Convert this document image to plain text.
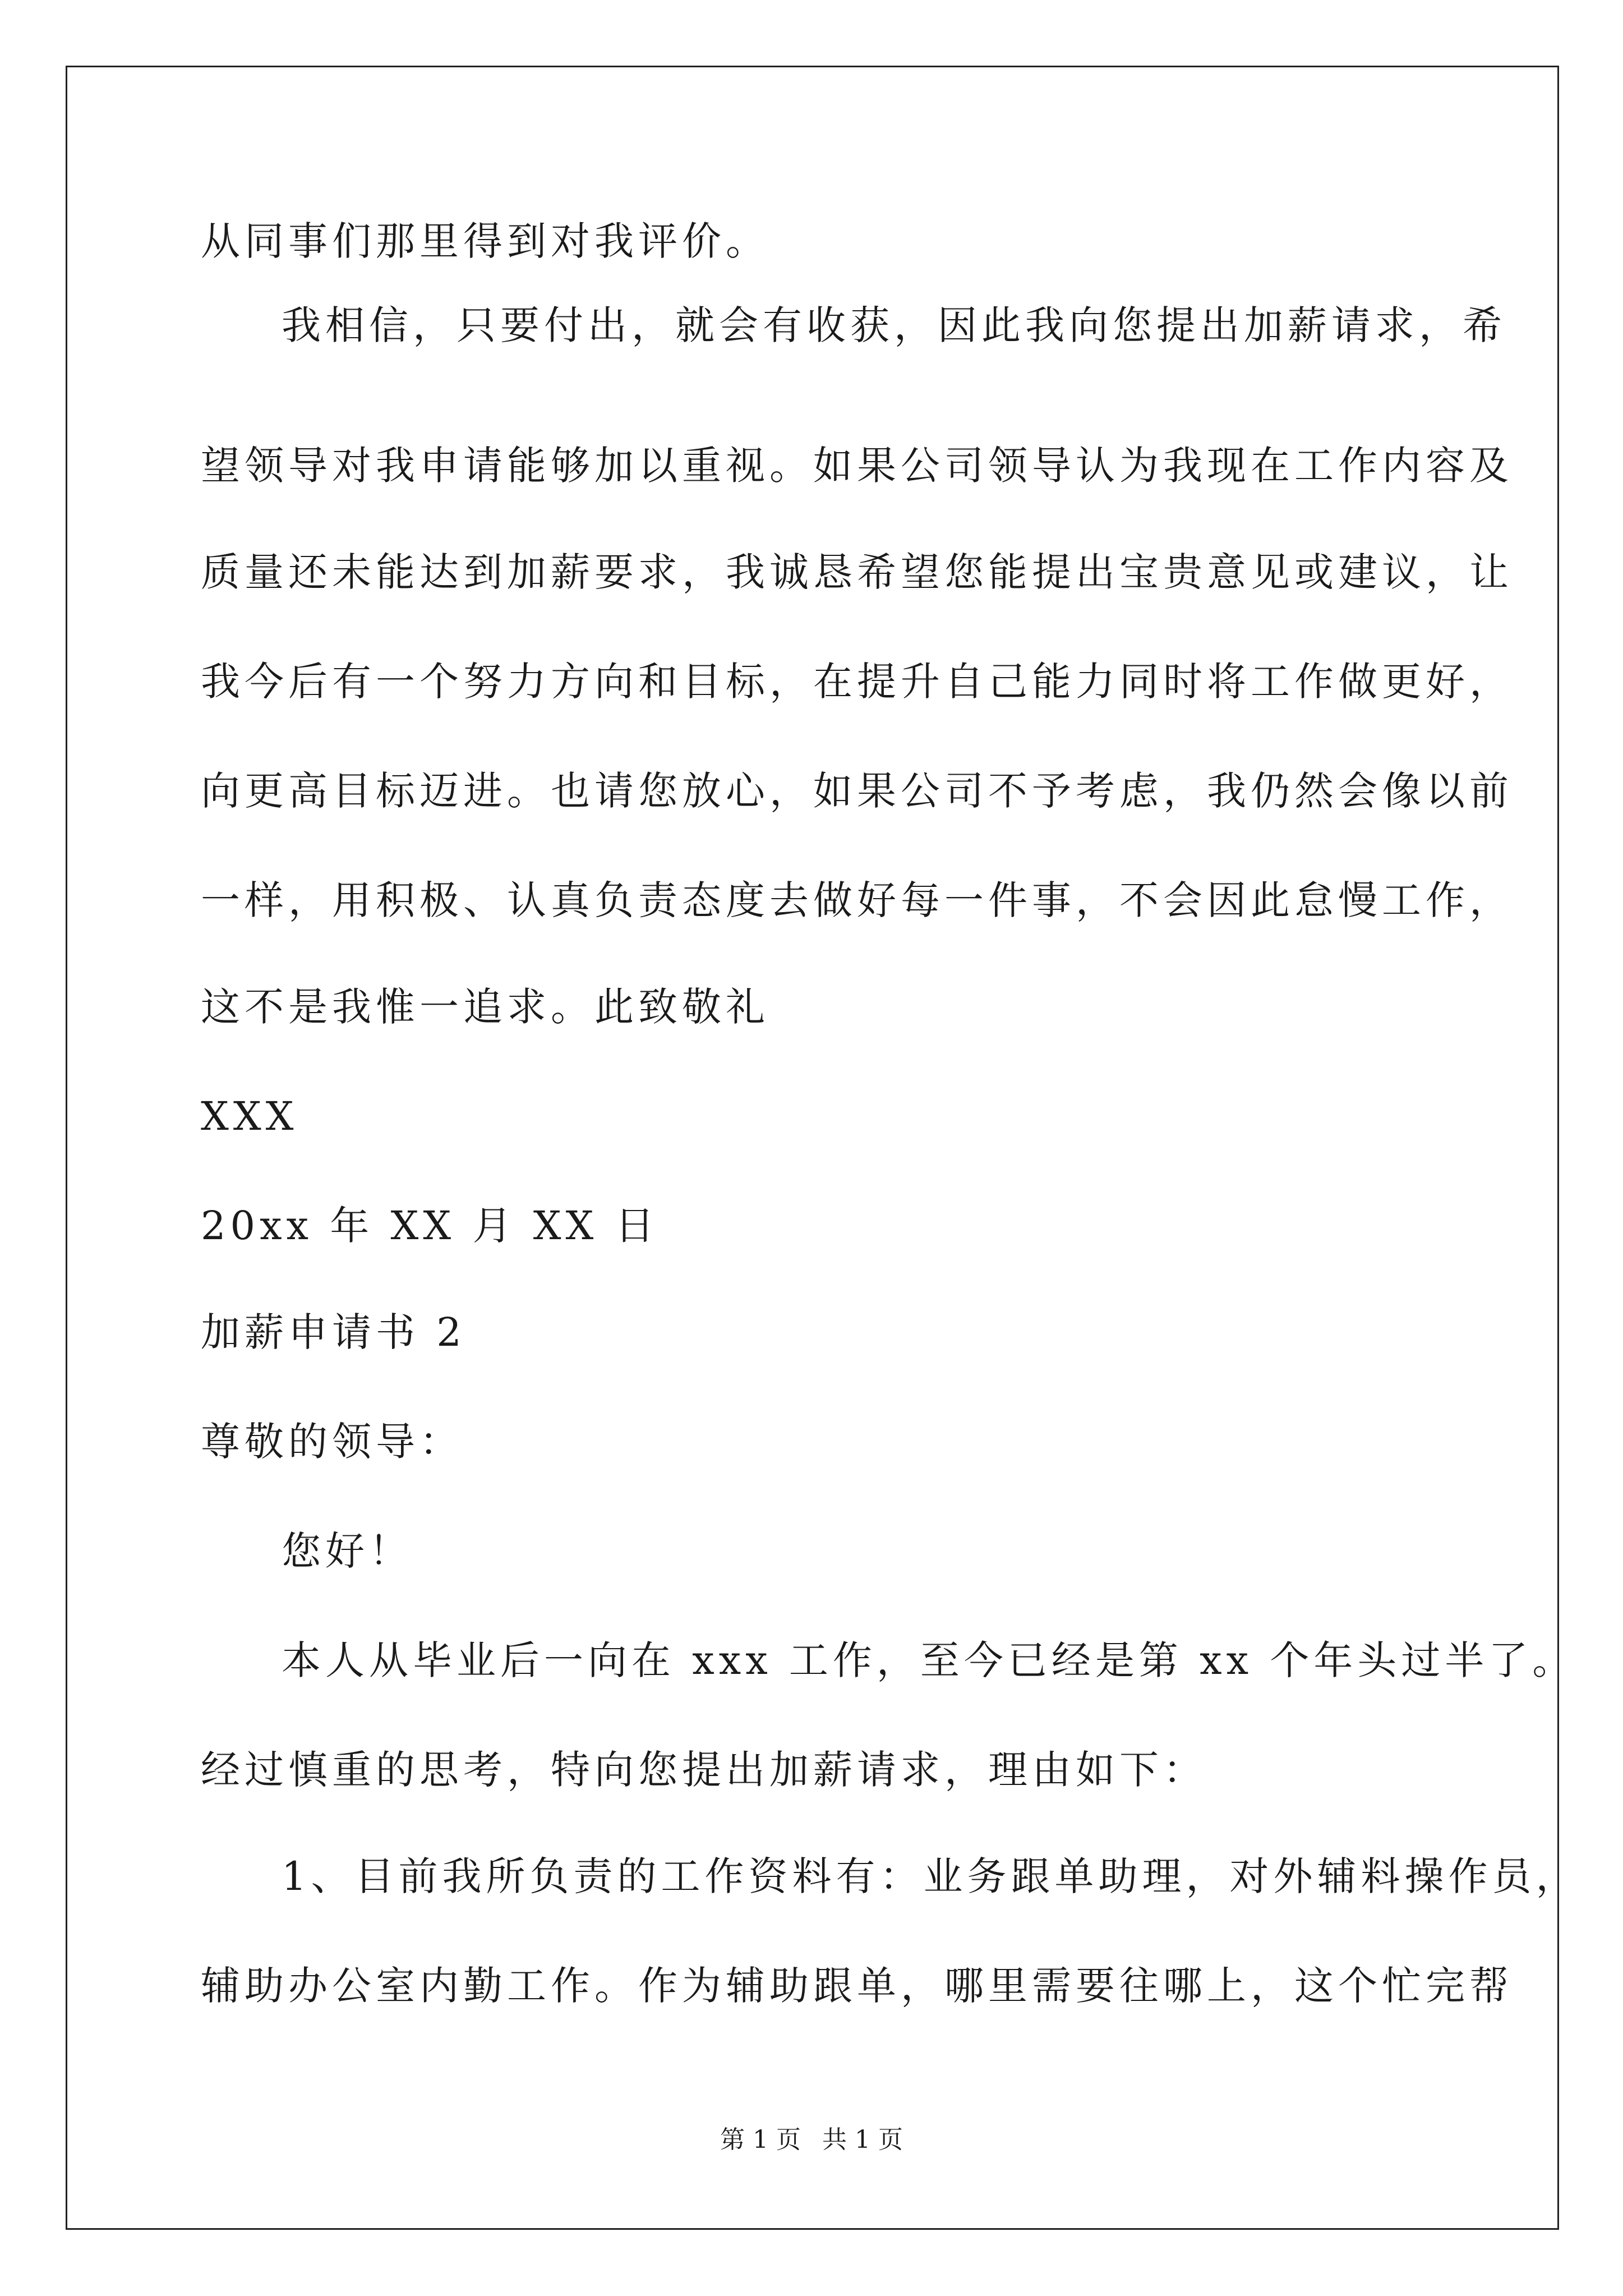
从同事们那里得到对我评价。
我相信，只要付出，就会有收获，因此我向您提出加薪请求，希
望领导对我申请能够加以重视。如果公司领导认为我现在工作内容及
质量还未能达到加薪要求，我诚恳希望您能提出宝贵意见或建议，让
我今后有一个努力方向和目标，在提升自己能力同时将工作做更好，
向更高目标迈进。也请您放心，如果公司不予考虑，我仍然会像以前
一样，用积极、认真负责态度去做好每一件事，不会因此怠慢工作，
这不是我惟一追求。此致敬礼
XXX
20xx 年 XX 月 XX 日
加薪申请书 2
尊敬的领导：
您好！
本人从毕业后一向在 xxx 工作，至今已经是第 xx 个年头过半了。
经过慎重的思考，特向您提出加薪请求，理由如下：
1、目前我所负责的工作资料有：业务跟单助理，对外辅料操作员，
辅助办公室内勤工作。作为辅助跟单，哪里需要往哪上，这个忙完帮
第 1 页 共 1 页
